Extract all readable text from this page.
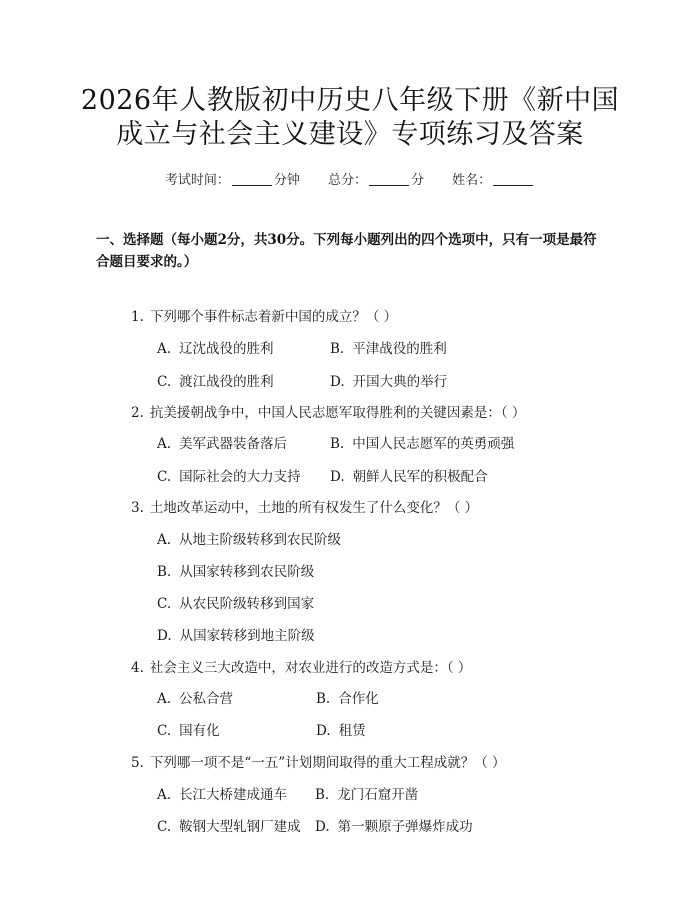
2026年人教版初中历史八年级下册《新中国
成立与社会主义建设》专项练习及答案
考试时间：	分钟 总分：	分 姓名：
一、选择题（每小题2分，共30分。下列每小题列出的四个选项中，只有一项是最符合题目要求的。）
1. 下列哪个事件标志着新中国的成立？（ ）
A. 辽沈战役的胜利	B. 平津战役的胜利
C. 渡江战役的胜利	D. 开国大典的举行
2. 抗美援朝战争中，中国人民志愿军取得胜利的关键因素是：（ ）
A. 美军武器装备落后	B. 中国人民志愿军的英勇顽强
C. 国际社会的大力支持 D. 朝鲜人民军的积极配合
3. 土地改革运动中，土地的所有权发生了什么变化？（ ）
A. 从地主阶级转移到农民阶级
B. 从国家转移到农民阶级
C. 从农民阶级转移到国家
D. 从国家转移到地主阶级
4. 社会主义三大改造中，对农业进行的改造方式是：（ ）
A. 公私合营	B. 合作化
C. 国有化	D. 租赁
5. 下列哪一项不是“一五”计划期间取得的重大工程成就？（ ）
A. 长江大桥建成通车 B. 龙门石窟开凿
C. 鞍钢大型轧钢厂建成 D. 第一颗原子弹爆炸成功
